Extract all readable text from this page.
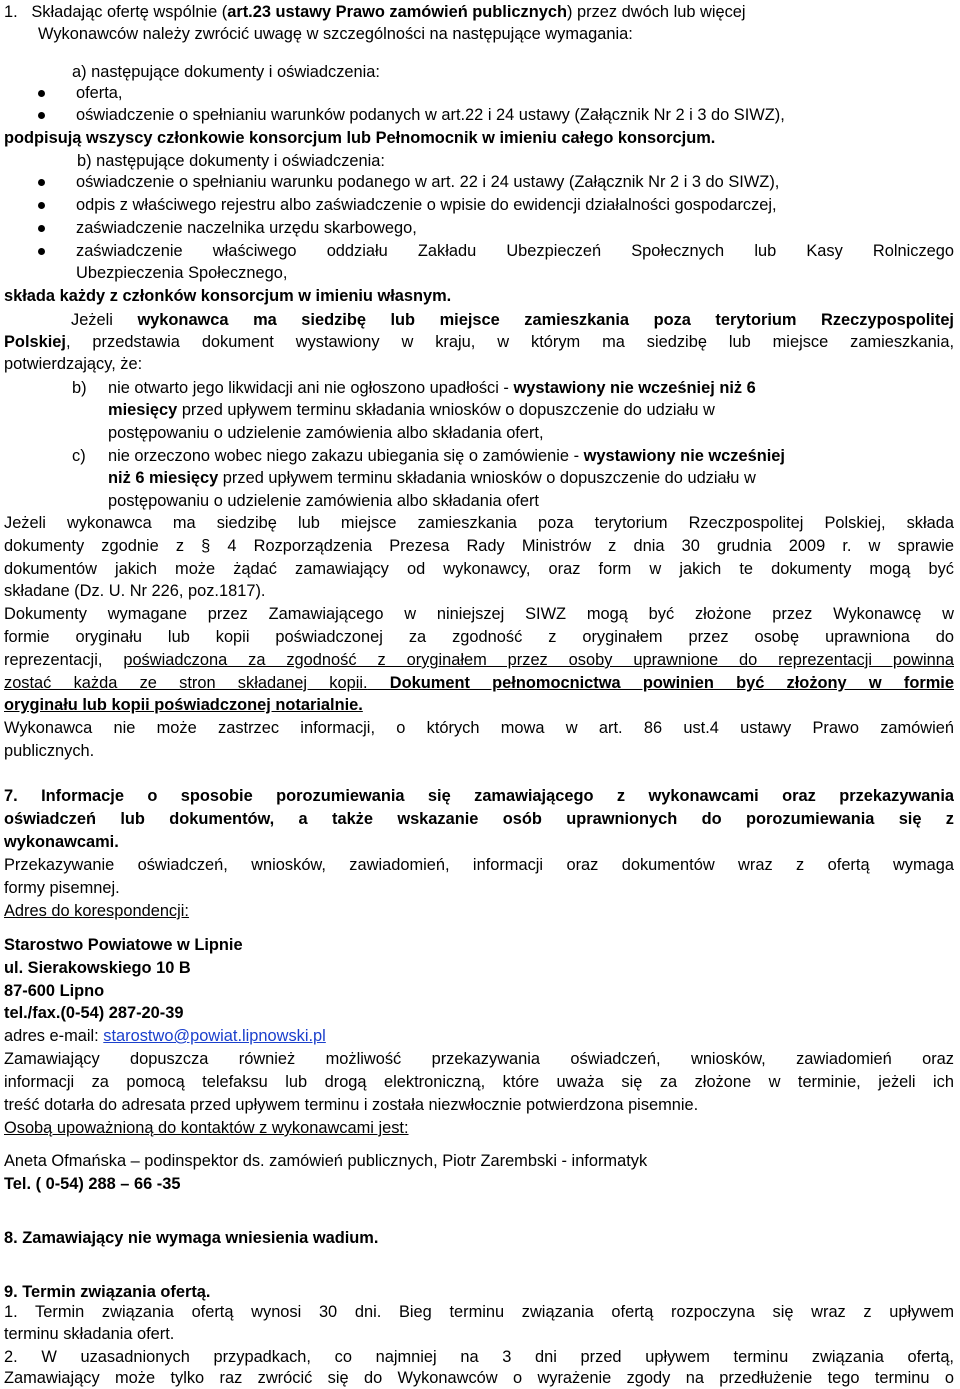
1. Składając ofertę wspólnie (art.23 ustawy Prawo zamówień publicznych) przez dwóch lub więcej
Wykonawców należy zwrócić uwagę w szczególności na następujące wymagania:
a) następujące dokumenty i oświadczenia:
oferta,
oświadczenie o spełnianiu warunków podanych w art.22 i 24 ustawy (Załącznik Nr 2 i 3 do SIWZ),
podpisują wszyscy członkowie konsorcjum lub Pełnomocnik w imieniu całego konsorcjum.
b) następujące dokumenty i oświadczenia:
oświadczenie o spełnianiu warunku podanego w art. 22 i 24 ustawy (Załącznik Nr 2 i 3 do SIWZ),
odpis z właściwego rejestru albo zaświadczenie o wpisie do ewidencji działalności gospodarczej,
zaświadczenie naczelnika urzędu skarbowego,
zaświadczenie właściwego oddziału Zakładu Ubezpieczeń Społecznych lub Kasy Rolniczego
Ubezpieczenia Społecznego,
składa każdy z członków konsorcjum w imieniu własnym.
Jeżeli wykonawca ma siedzibę lub miejsce zamieszkania poza terytorium Rzeczypospolitej
Polskiej, przedstawia dokument wystawiony w kraju, w którym ma siedzibę lub miejsce zamieszkania,
potwierdzający, że:
b) nie otwarto jego likwidacji ani nie ogłoszono upadłości - wystawiony nie wcześniej niż 6
miesięcy przed upływem terminu składania wniosków o dopuszczenie do udziału w
postępowaniu o udzielenie zamówienia albo składania ofert,
c) nie orzeczono wobec niego zakazu ubiegania się o zamówienie - wystawiony nie wcześniej
niż 6 miesięcy przed upływem terminu składania wniosków o dopuszczenie do udziału w
postępowaniu o udzielenie zamówienia albo składania ofert
Jeżeli wykonawca ma siedzibę lub miejsce zamieszkania poza terytorium Rzeczpospolitej Polskiej, składa
dokumenty zgodnie z § 4 Rozporządzenia Prezesa Rady Ministrów z dnia 30 grudnia 2009 r. w sprawie
dokumentów jakich może żądać zamawiający od wykonawcy, oraz form w jakich te dokumenty mogą być
składane (Dz. U. Nr 226, poz.1817).
Dokumenty wymagane przez Zamawiającego w niniejszej SIWZ mogą być złożone przez Wykonawcę w
formie oryginału lub kopii poświadczonej za zgodność z oryginałem przez osobę uprawniona do
reprezentacji, poświadczona za zgodność z oryginałem przez osoby uprawnione do reprezentacji powinna
zostać każda ze stron składanej kopii. Dokument pełnomocnictwa powinien być złożony w formie
oryginału lub kopii poświadczonej notarialnie.
Wykonawca nie może zastrzec informacji, o których mowa w art. 86 ust.4 ustawy Prawo zamówień
publicznych.
7. Informacje o sposobie porozumiewania się zamawiającego z wykonawcami oraz przekazywania
oświadczeń lub dokumentów, a także wskazanie osób uprawnionych do porozumiewania się z
wykonawcami.
Przekazywanie oświadczeń, wniosków, zawiadomień, informacji oraz dokumentów wraz z ofertą wymaga
formy pisemnej.
Adres do korespondencji:
Starostwo Powiatowe w Lipnie
ul. Sierakowskiego 10 B
87-600 Lipno
tel./fax.(0-54) 287-20-39
adres e-mail: starostwo@powiat.lipnowski.pl
Zamawiający dopuszcza również możliwość przekazywania oświadczeń, wniosków, zawiadomień oraz
informacji za pomocą telefaksu lub drogą elektroniczną, które uważa się za złożone w terminie, jeżeli ich
treść dotarła do adresata przed upływem terminu i została niezwłocznie potwierdzona pisemnie.
Osobą upoważnioną do kontaktów z wykonawcami jest:
Aneta Ofmańska – podinspektor ds. zamówień publicznych, Piotr Zarembski - informatyk
Tel. ( 0-54) 288 – 66 -35
8. Zamawiający nie wymaga wniesienia wadium.
9. Termin związania ofertą.
1. Termin związania ofertą wynosi 30 dni. Bieg terminu związania ofertą rozpoczyna się wraz z upływem
terminu składania ofert.
2. W uzasadnionych przypadkach, co najmniej na 3 dni przed upływem terminu związania ofertą,
Zamawiający może tylko raz zwrócić się do Wykonawców o wyrażenie zgody na przedłużenie tego terminu o
